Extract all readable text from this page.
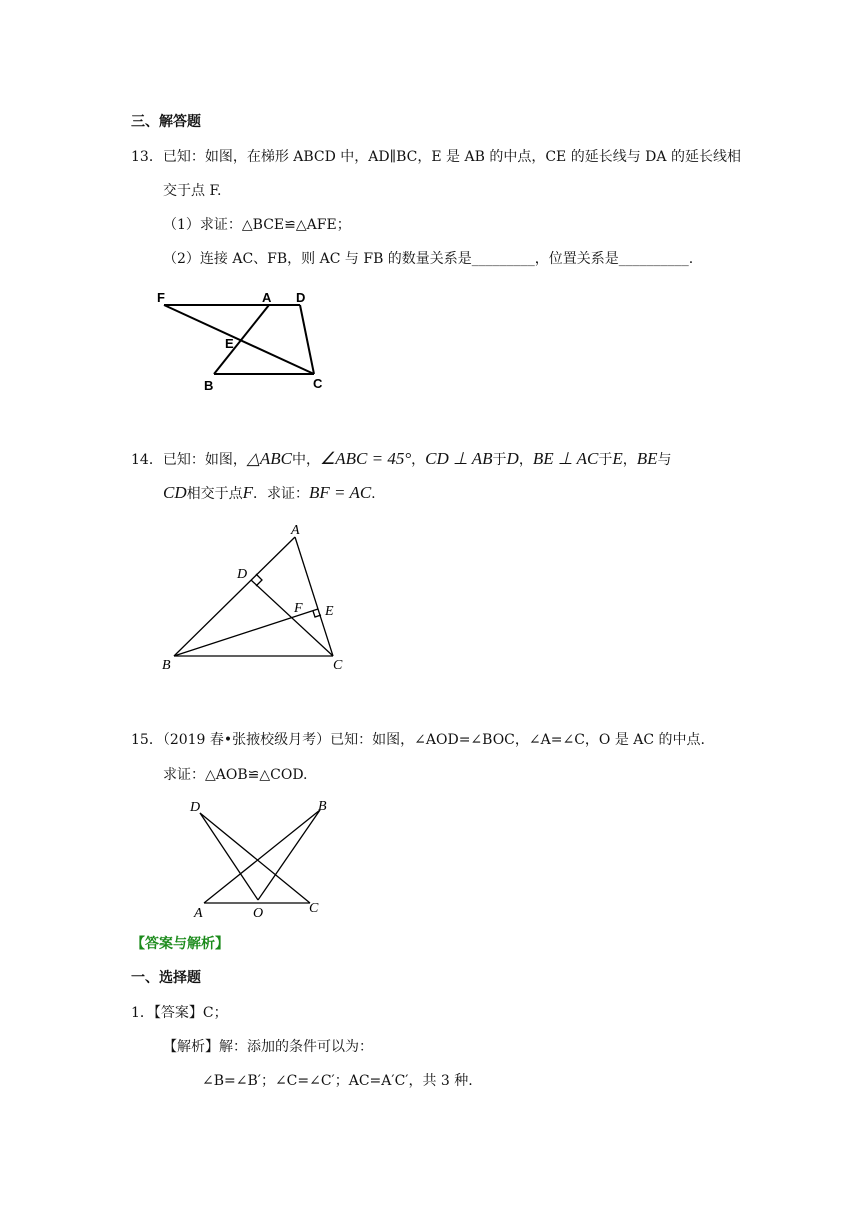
三、解答题
13．已知：如图，在梯形 ABCD 中，AD∥BC，E 是 AB 的中点，CE 的延长线与 DA 的延长线相
交于点 F.
（1）求证：△BCE≌△AFE；
（2）连接 AC、FB，则 AC 与 FB 的数量关系是_________，位置关系是__________.
F	A D
E
B	C
14．已知：如图，△ABC中，∠ABC = 45°，CD ⊥ AB于D，BE ⊥ AC于E，BE与
CD相交于点F．求证：BF = AC.
A
D
F E
B	C
15．（2019 春•张掖校级月考）已知：如图，∠AOD=∠BOC，∠A=∠C，O 是 AC 的中点.
求证：△AOB≌△COD.
D	B
A	O	C
【答案与解析】
一、选择题
1．【答案】C；
【解析】解：添加的条件可以为：
∠B=∠B′；∠C=∠C′；AC=A′C′，共 3 种.
